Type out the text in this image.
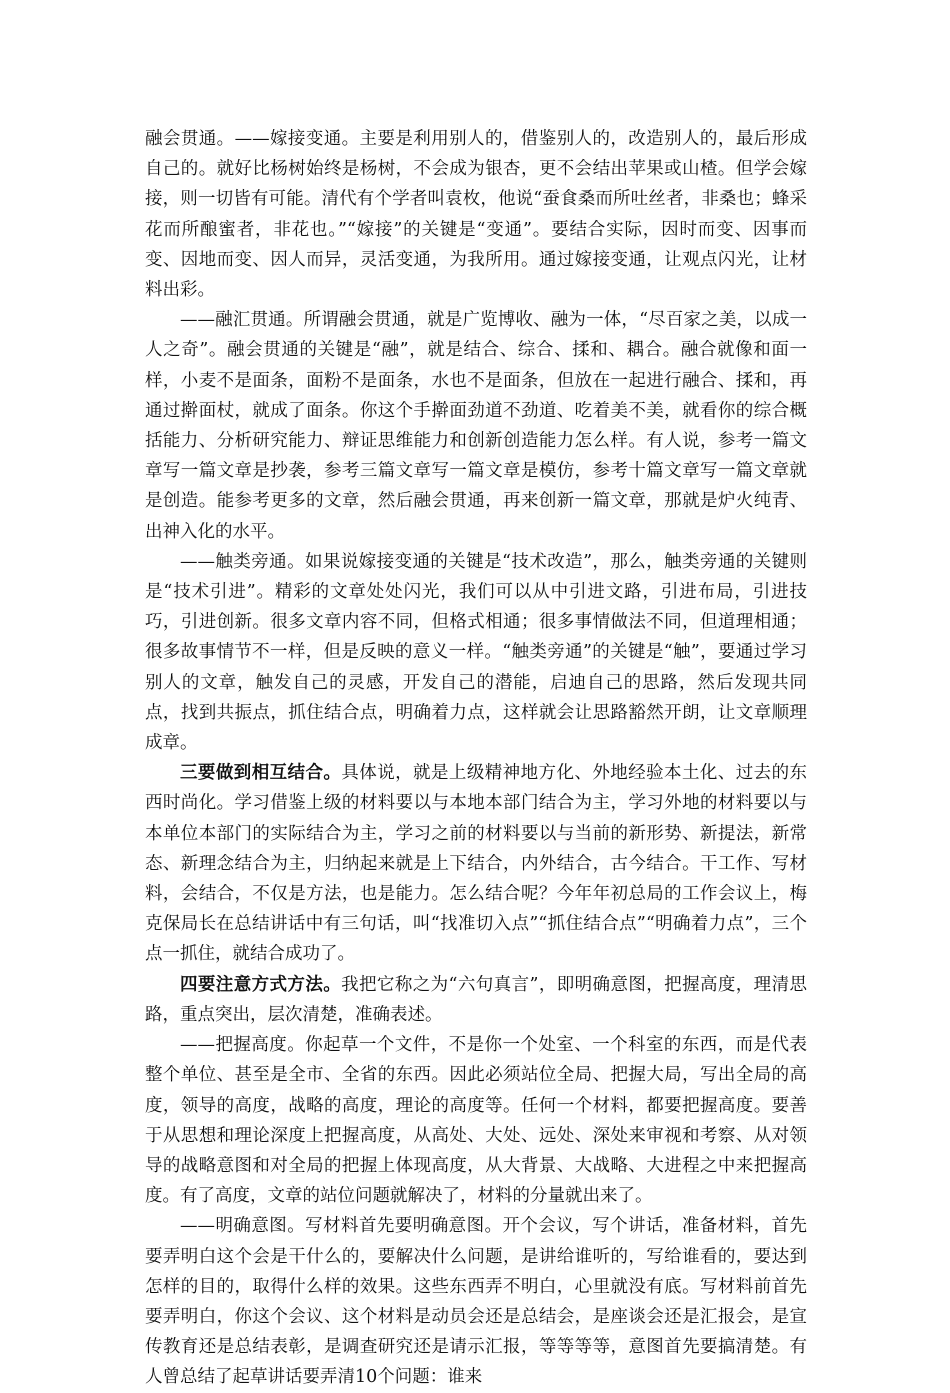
融会贯通。——嫁接变通。主要是利用别人的，借鉴别人的，改造别人的，最后形成自己的。就好比杨树始终是杨树，不会成为银杏，更不会结出苹果或山楂。但学会嫁接，则一切皆有可能。清代有个学者叫袁枚，他说“蚕食桑而所吐丝者，非桑也；蜂采花而所酿蜜者，非花也。”“嫁接”的关键是“变通”。要结合实际，因时而变、因事而变、因地而变、因人而异，灵活变通，为我所用。通过嫁接变通，让观点闪光，让材料出彩。

——融汇贯通。所谓融会贯通，就是广览博收、融为一体，“尽百家之美，以成一人之奇”。融会贯通的关键是“融”，就是结合、综合、揉和、耦合。融合就像和面一样，小麦不是面条，面粉不是面条，水也不是面条，但放在一起进行融合、揉和，再通过擀面杖，就成了面条。你这个手擀面劲道不劲道、吃着美不美，就看你的综合概括能力、分析研究能力、辩证思维能力和创新创造能力怎么样。有人说，参考一篇文章写一篇文章是抄袭，参考三篇文章写一篇文章是模仿，参考十篇文章写一篇文章就是创造。能参考更多的文章，然后融会贯通，再来创新一篇文章，那就是炉火纯青、出神入化的水平。

——触类旁通。如果说嫁接变通的关键是“技术改造”，那么，触类旁通的关键则是“技术引进”。精彩的文章处处闪光，我们可以从中引进文路，引进布局，引进技巧，引进创新。很多文章内容不同，但格式相通；很多事情做法不同，但道理相通；很多故事情节不一样，但是反映的意义一样。“触类旁通”的关键是“触”，要通过学习别人的文章，触发自己的灵感，开发自己的潜能，启迪自己的思路，然后发现共同点，找到共振点，抓住结合点，明确着力点，这样就会让思路豁然开朗，让文章顺理成章。

三要做到相互结合。具体说，就是上级精神地方化、外地经验本土化、过去的东西时尚化。学习借鉴上级的材料要以与本地本部门结合为主，学习外地的材料要以与本单位本部门的实际结合为主，学习之前的材料要以与当前的新形势、新提法，新常态、新理念结合为主，归纳起来就是上下结合，内外结合，古今结合。干工作、写材料，会结合，不仅是方法，也是能力。怎么结合呢？今年年初总局的工作会议上，梅克保局长在总结讲话中有三句话，叫“找准切入点”“抓住结合点”“明确着力点”，三个点一抓住，就结合成功了。

四要注意方式方法。我把它称之为“六句真言”，即明确意图，把握高度，理清思路，重点突出，层次清楚，准确表述。

——把握高度。你起草一个文件，不是你一个处室、一个科室的东西，而是代表整个单位、甚至是全市、全省的东西。因此必须站位全局、把握大局，写出全局的高度，领导的高度，战略的高度，理论的高度等。任何一个材料，都要把握高度。要善于从思想和理论深度上把握高度，从高处、大处、远处、深处来审视和考察、从对领导的战略意图和对全局的把握上体现高度，从大背景、大战略、大进程之中来把握高度。有了高度，文章的站位问题就解决了，材料的分量就出来了。

——明确意图。写材料首先要明确意图。开个会议，写个讲话，准备材料，首先要弄明白这个会是干什么的，要解决什么问题，是讲给谁听的，写给谁看的，要达到怎样的目的，取得什么样的效果。这些东西弄不明白，心里就没有底。写材料前首先要弄明白，你这个会议、这个材料是动员会还是总结会，是座谈会还是汇报会，是宣传教育还是总结表彰，是调查研究还是请示汇报，等等等等，意图首先要搞清楚。有人曾总结了起草讲话要弄清10个问题：谁来
